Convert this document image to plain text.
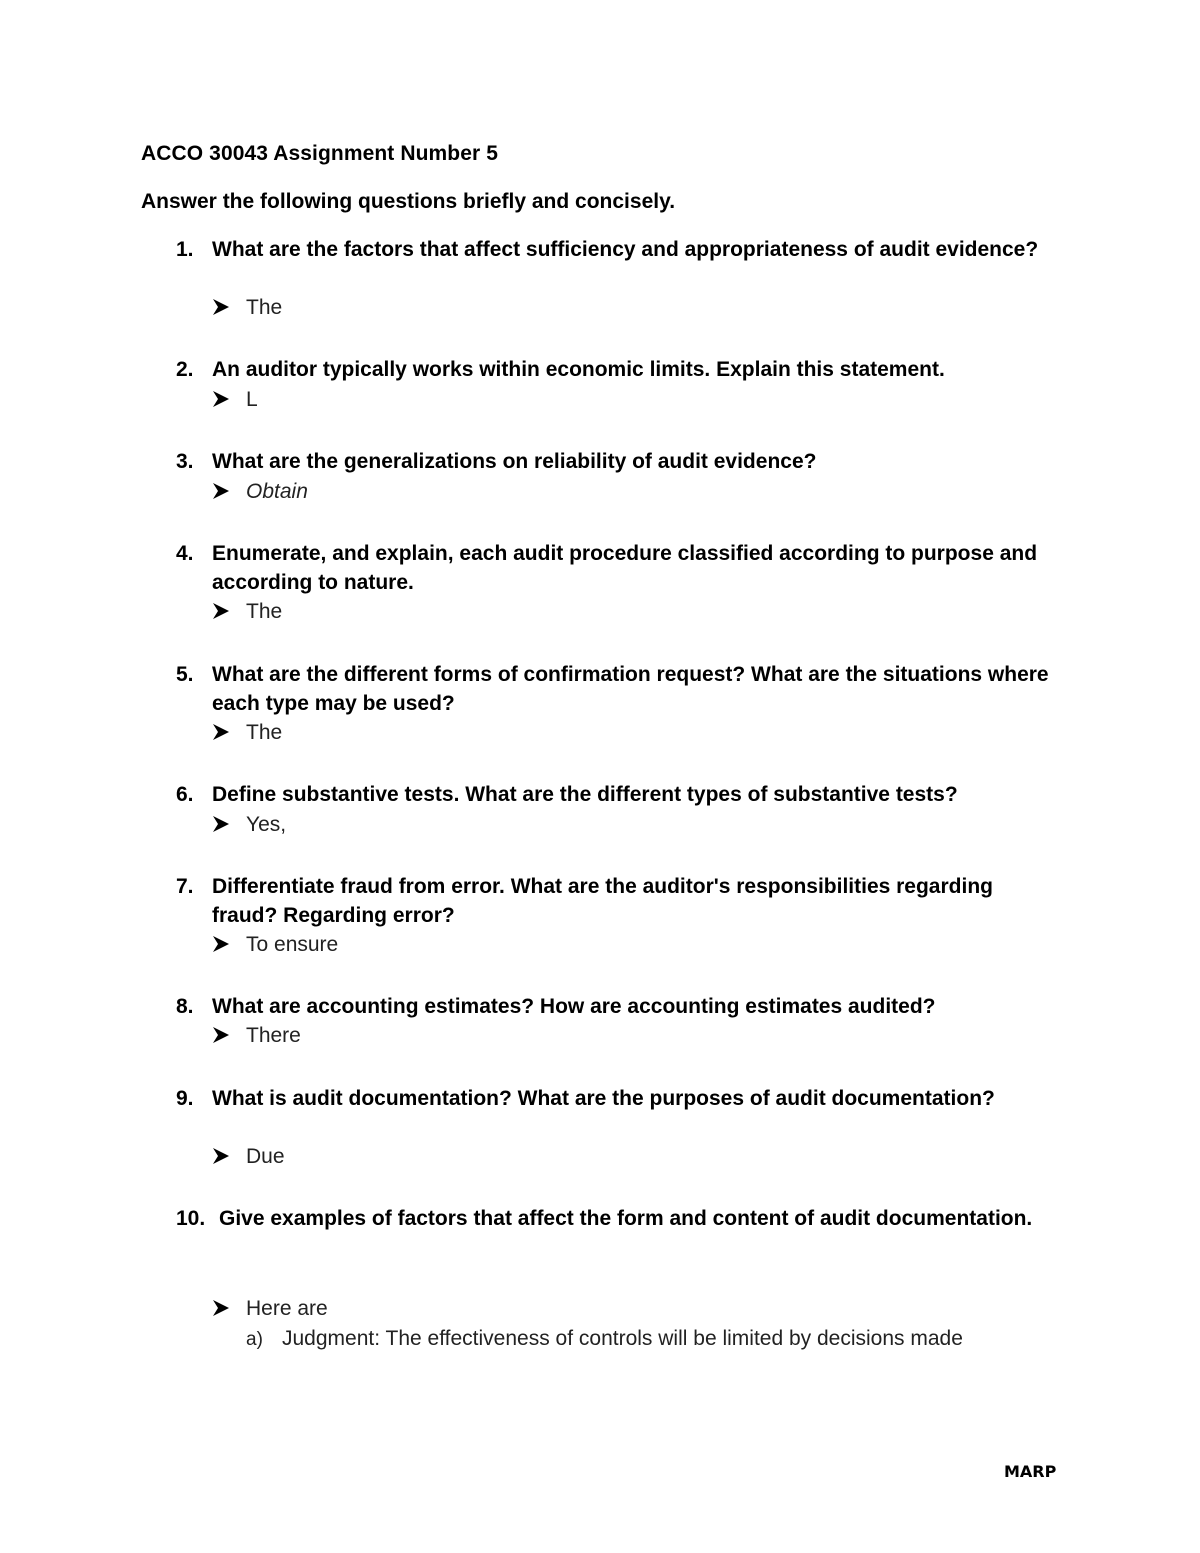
ACCO 30043 Assignment Number 5
Answer the following questions briefly and concisely.
1. What are the factors that affect sufficiency and appropriateness of audit evidence?
The
2. An auditor typically works within economic limits. Explain this statement.
L
3. What are the generalizations on reliability of audit evidence?
Obtain
4. Enumerate, and explain, each audit procedure classified according to purpose and according to nature.
The
5. What are the different forms of confirmation request? What are the situations where each type may be used?
The
6. Define substantive tests. What are the different types of substantive tests?
Yes,
7. Differentiate fraud from error. What are the auditor's responsibilities regarding fraud? Regarding error?
To ensure
8. What are accounting estimates? How are accounting estimates audited?
There
9. What is audit documentation? What are the purposes of audit documentation?
Due
10. Give examples of factors that affect the form and content of audit documentation.
Here are
a) Judgment: The effectiveness of controls will be limited by decisions made
MARP
